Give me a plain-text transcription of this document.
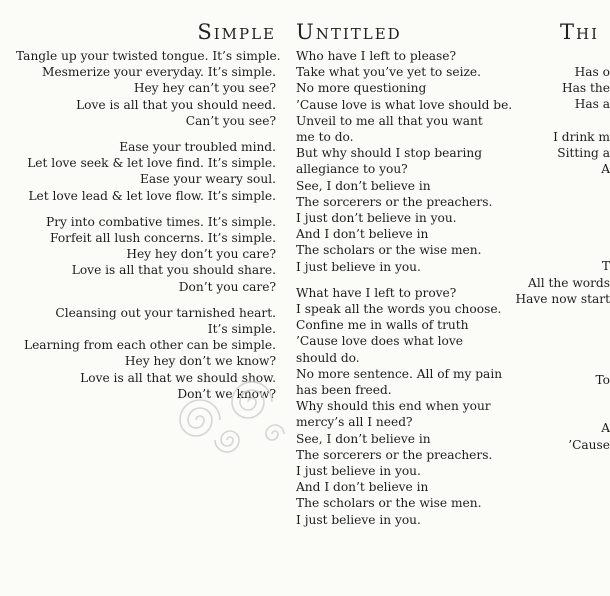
Simple Untitled	Thi
Tangle up your twisted tongue. It’s simple.
Mesmerize your everyday. It’s simple.
Hey hey can’t you see?
Love is all that you should need.
Can’t you see?
Ease your troubled mind.
Let love seek & let love find. It’s simple.
Ease your weary soul.
Let love lead & let love flow. It’s simple.
Pry into combative times. It’s simple.
Forfeit all lush concerns. It’s simple.
Hey hey don’t you care?
Love is all that you should share.
Don’t you care?
Cleansing out your tarnished heart.
It’s simple.
Learning from each other can be simple.
Hey hey don’t we know?
Love is all that we should show.
Don’t we know?
Who have I left to please?
Take what you’ve yet to seize.
No more questioning
’Cause love is what love should be.
Unveil to me all that you want
me to do.
But why should I stop bearing
allegiance to you?
See, I don’t believe in
The sorcerers or the preachers.
I just don’t believe in you.
And I don’t believe in
The scholars or the wise men.
I just believe in you.
What have I left to prove?
I speak all the words you choose.
Confine me in walls of truth
’Cause love does what love
should do.
No more sentence. All of my pain
has been freed.
Why should this end when your
mercy’s all I need?
See, I don’t believe in
The sorcerers or the preachers.
I just believe in you.
And I don’t believe in
The scholars or the wise men.
I just believe in you.
Has o
Has the
Has a

I drink m
Sitting a
A

T
All the words
Have now start

To

A
’Cause
